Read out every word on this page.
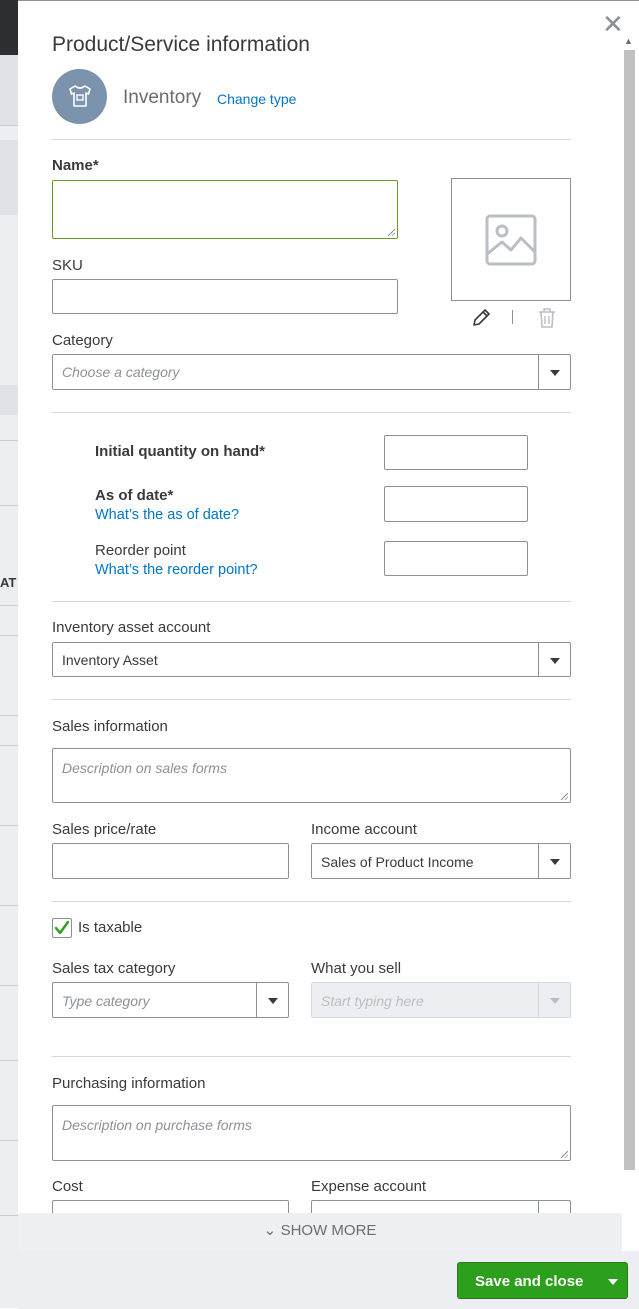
AT
Product/Service information
Inventory Change type
Name*
SKU
Category
Choose a category
Initial quantity on hand*
As of date*
What’s the as of date?
Reorder point
What’s the reorder point?
Inventory asset account
Inventory Asset
Sales information
Description on sales forms
Sales price/rate	Income account
Sales of Product Income
Is taxable
Sales tax category
Type category
What you sell
Start typing here
Purchasing information
Description on purchase forms
Cost	Expense account
✕
▲
⌄ SHOW MORE
Save and close
